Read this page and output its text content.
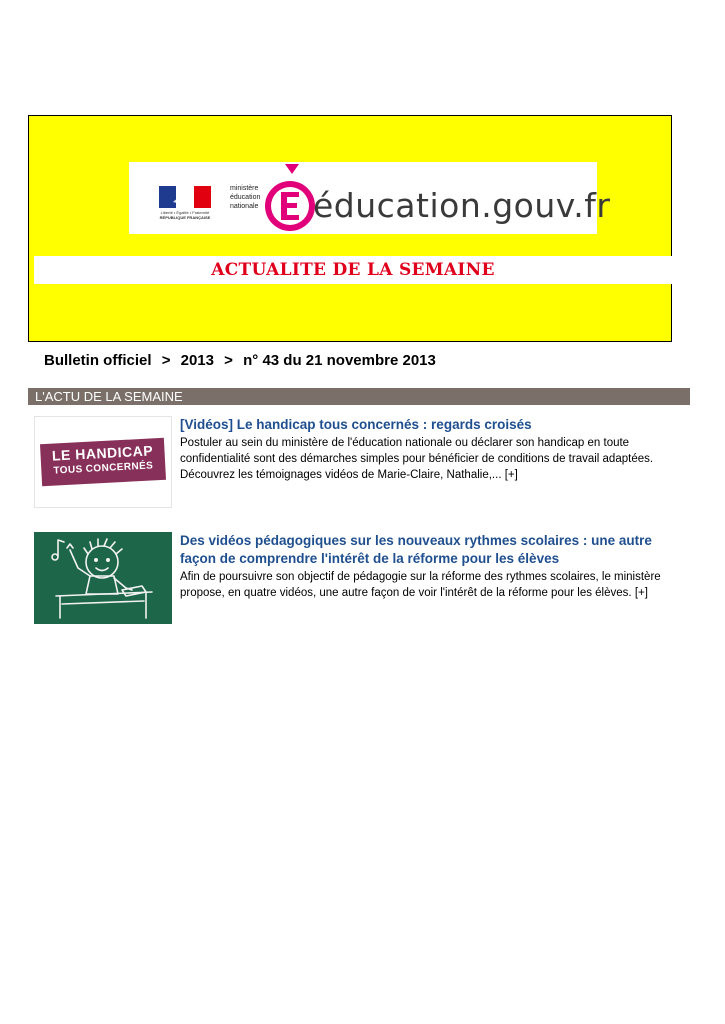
Liberté • Égalité • Fraternité
RÉPUBLIQUE FRANÇAISE
ministère
éducation
nationale éducation.gouv.fr
ACTUALITE DE LA SEMAINE
Bulletin officiel > 2013 > n° 43 du 21 novembre 2013
L'ACTU DE LA SEMAINE
LE HANDICAP
TOUS CONCERNÉS
[Vidéos] Le handicap tous concernés : regards croisés

Postuler au sein du ministère de l'éducation nationale ou déclarer son handicap en toute confidentialité sont des démarches simples pour bénéficier de conditions de travail adaptées. Découvrez les témoignages vidéos de Marie-Claire, Nathalie,... [+]

Des vidéos pédagogiques sur les nouveaux rythmes scolaires : une autre façon de comprendre l'intérêt de la réforme pour les élèves

Afin de poursuivre son objectif de pédagogie sur la réforme des rythmes scolaires, le ministère propose, en quatre vidéos, une autre façon de voir l'intérêt de la réforme pour les élèves. [+]
